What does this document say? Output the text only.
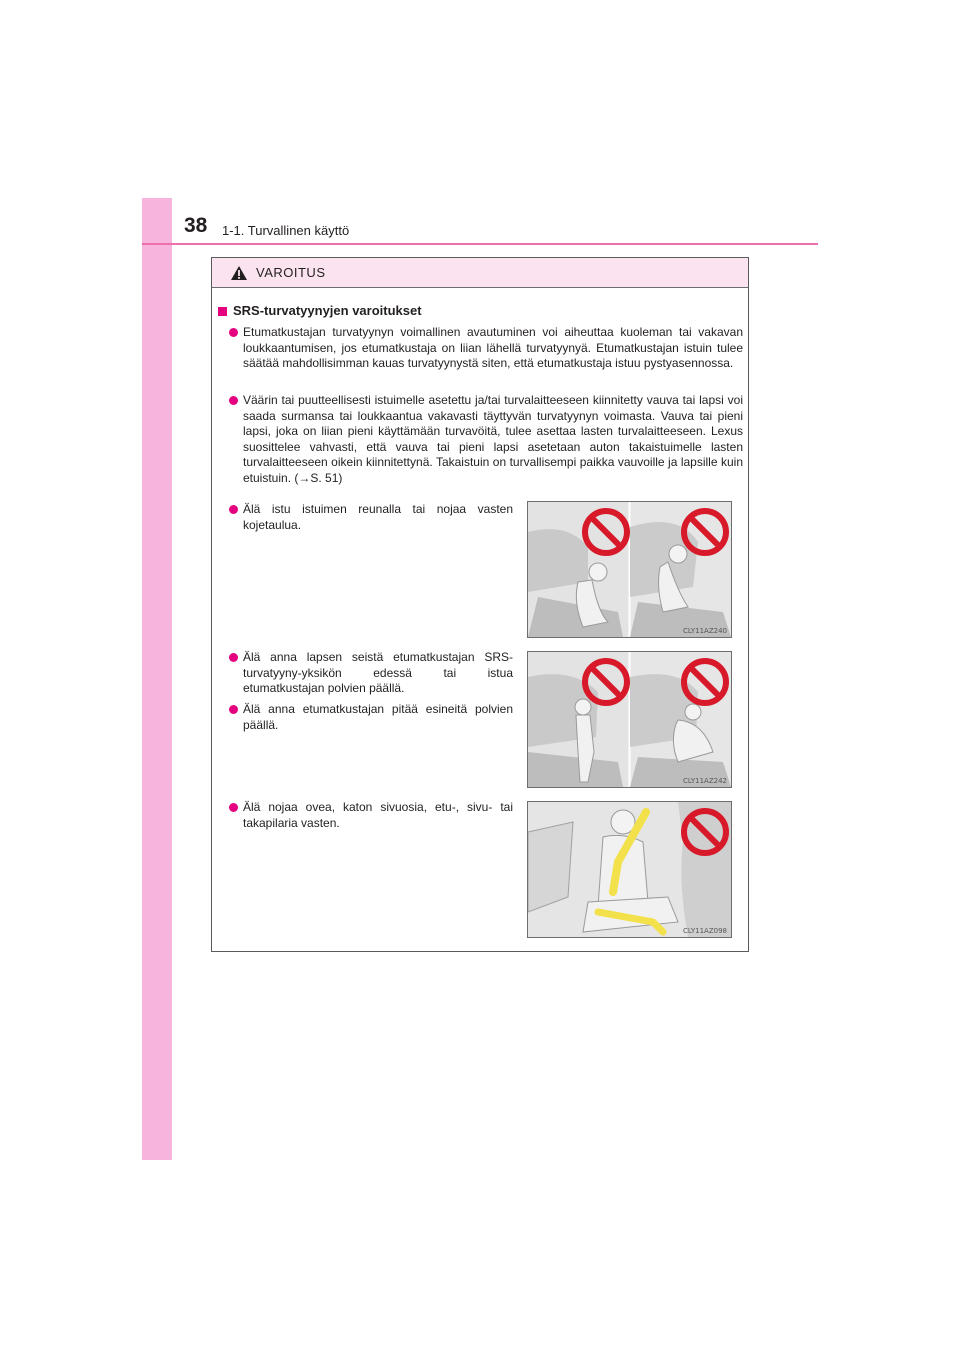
38 1-1. Turvallinen käyttö
VAROITUS
SRS-turvatyynyjen varoitukset
Etumatkustajan turvatyynyn voimallinen avautuminen voi aiheuttaa kuoleman tai vakavan loukkaantumisen, jos etumatkustaja on liian lähellä turvatyynyä. Etumatkustajan istuin tulee säätää mahdollisimman kauas turvatyynystä siten, että etumatkustaja istuu pystyasennossa.
Väärin tai puutteellisesti istuimelle asetettu ja/tai turvalaitteeseen kiinnitetty vauva tai lapsi voi saada surmansa tai loukkaantua vakavasti täyttyvän turvatyynyn voimasta. Vauva tai pieni lapsi, joka on liian pieni käyttämään turvavöitä, tulee asettaa lasten turvalaitteeseen. Lexus suosittelee vahvasti, että vauva tai pieni lapsi asetetaan auton takaistuimelle lasten turvalaitteeseen oikein kiinnitettynä. Takaistuin on turvallisempi paikka vauvoille ja lapsille kuin etuistuin. (→S. 51)
Älä istu istuimen reunalla tai nojaa vasten kojetaulua.
Älä anna lapsen seistä etumatkustajan SRS-turvatyyny-yksikön edessä tai istua etumatkustajan polvien päällä.
Älä anna etumatkustajan pitää esineitä polvien päällä.
Älä nojaa ovea, katon sivuosia, etu-, sivu- tai takapilaria vasten.
CLY11AZ240
CLY11AZ242
CLY11AZ098
